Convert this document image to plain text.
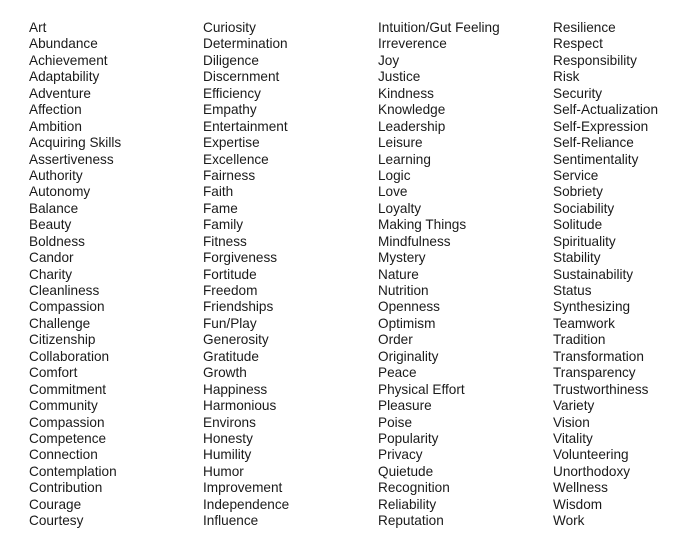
Art
Abundance
Achievement
Adaptability
Adventure
Affection
Ambition
Acquiring Skills
Assertiveness
Authority
Autonomy
Balance
Beauty
Boldness
Candor
Charity
Cleanliness
Compassion
Challenge
Citizenship
Collaboration
Comfort
Commitment
Community
Compassion
Competence
Connection
Contemplation
Contribution
Courage
Courtesy
Curiosity
Determination
Diligence
Discernment
Efficiency
Empathy
Entertainment
Expertise
Excellence
Fairness
Faith
Fame
Family
Fitness
Forgiveness
Fortitude
Freedom
Friendships
Fun/Play
Generosity
Gratitude
Growth
Happiness
Harmonious
Environs
Honesty
Humility
Humor
Improvement
Independence
Influence
Intuition/Gut Feeling
Irreverence
Joy
Justice
Kindness
Knowledge
Leadership
Leisure
Learning
Logic
Love
Loyalty
Making Things
Mindfulness
Mystery
Nature
Nutrition
Openness
Optimism
Order
Originality
Peace
Physical Effort
Pleasure
Poise
Popularity
Privacy
Quietude
Recognition
Reliability
Reputation
Resilience
Respect
Responsibility
Risk
Security
Self-Actualization
Self-Expression
Self-Reliance
Sentimentality
Service
Sobriety
Sociability
Solitude
Spirituality
Stability
Sustainability
Status
Synthesizing
Teamwork
Tradition
Transformation
Transparency
Trustworthiness
Variety
Vision
Vitality
Volunteering
Unorthodoxy
Wellness
Wisdom
Work
